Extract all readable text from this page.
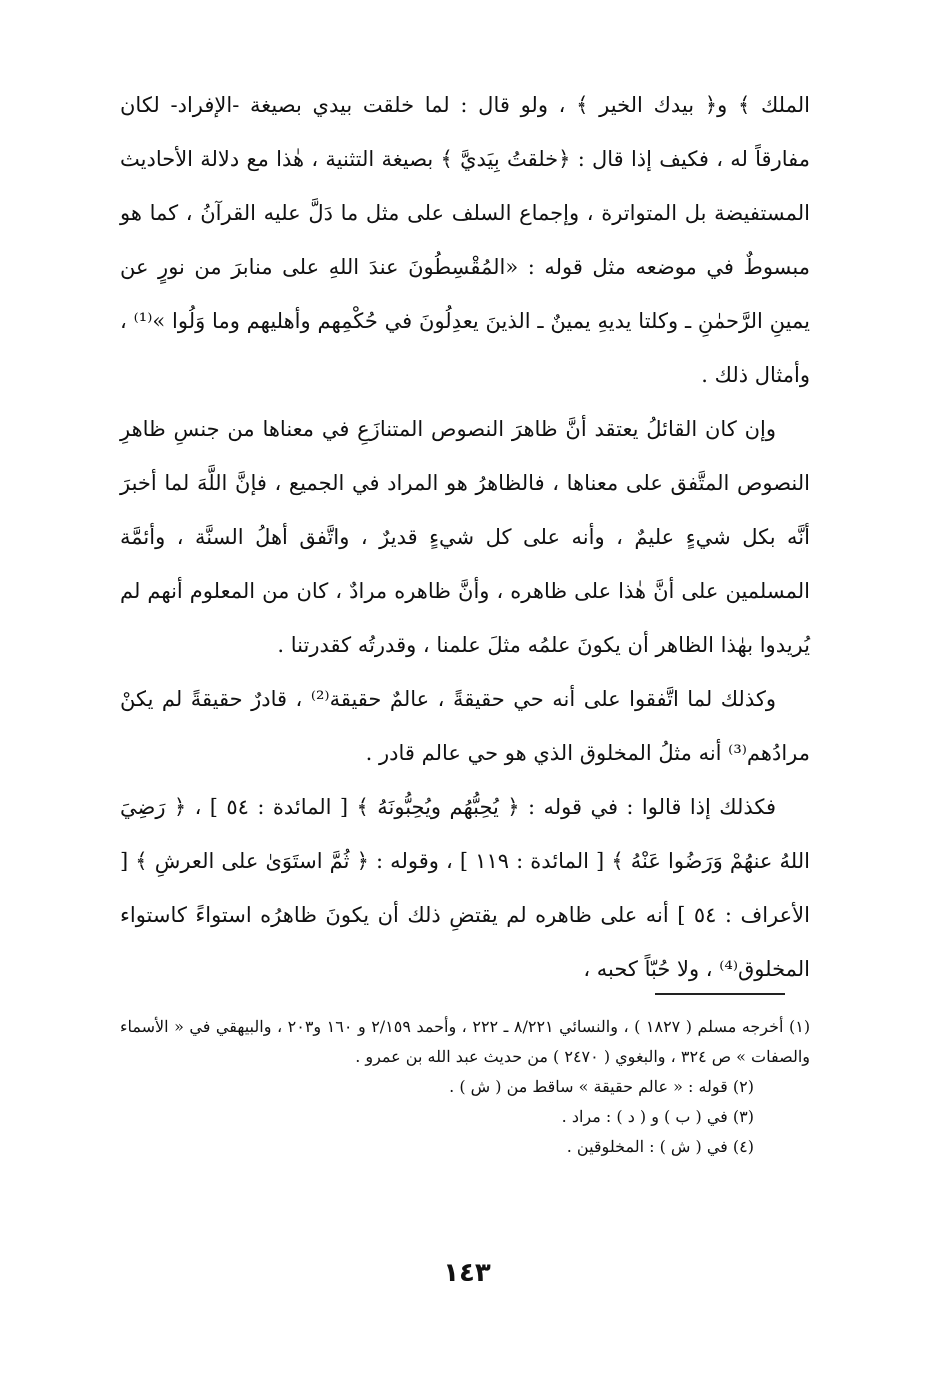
الملك ﴾ و﴿ بيدك الخير ﴾ ، ولو قال : لما خلقت بيدي بصيغة -الإفراد- لكان مفارقاً له ، فكيف إذا قال : ﴿خلقتُ بِيَديَّ ﴾ بصيغة التثنية ، هٰذا مع دلالة الأحاديث المستفيضة بل المتواترة ، وإجماع السلف على مثل ما دَلَّ عليه القرآنُ ، كما هو مبسوطٌ في موضعه مثل قوله : «المُقْسِطُونَ عندَ اللهِ على منابرَ من نورٍ عن يمينِ الرَّحمٰنِ ـ وكلتا يديهِ يمينٌ ـ الذينَ يعدِلُونَ في حُكْمِهم وأهليهم وما وَلُوا »⁽¹⁾ ، وأمثال ذلك .

وإن كان القائلُ يعتقد أنَّ ظاهرَ النصوص المتنازَعِ في معناها من جنسِ ظاهرِ النصوص المتَّفق على معناها ، فالظاهرُ هو المراد في الجميع ، فإنَّ اللَّهَ لما أخبرَ أنَّه بكل شيءٍ عليمٌ ، وأنه على كل شيءٍ قديرٌ ، واتَّفق أهلُ السنَّة ، وأئمَّة المسلمين على أنَّ هٰذا على ظاهره ، وأنَّ ظاهره مرادٌ ، كان من المعلوم أنهم لم يُريدوا بهٰذا الظاهر أن يكونَ علمُه مثلَ علمنا ، وقدرتُه كقدرتنا .

وكذلك لما اتَّفقوا على أنه حي حقيقةً ، عالمٌ حقيقة⁽²⁾ ، قادرٌ حقيقةً لم يكنْ مرادُهم⁽³⁾ أنه مثلُ المخلوق الذي هو حي عالم قادر .

فكذلك إذا قالوا : في قوله : ﴿ يُحِبُّهُم ويُحِبُّونَهُ ﴾ [ المائدة : ٥٤ ] ، ﴿ رَضِيَ اللهُ عنهُمْ وَرَضُوا عَنْهُ ﴾ [ المائدة : ١١٩ ] ، وقوله : ﴿ ثُمَّ استَوَىٰ على العرشِ ﴾ [ الأعراف : ٥٤ ] أنه على ظاهره لم يقتضِ ذلك أن يكونَ ظاهرُه استواءً كاستواء المخلوق⁽⁴⁾ ، ولا حُبّاً كحبه ،

(١) أخرجه مسلم ( ١٨٢٧ ) ، والنسائي ٨/٢٢١ ـ ٢٢٢ ، وأحمد ٢/١٥٩ و ١٦٠ و٢٠٣ ، والبيهقي في « الأسماء والصفات » ص ٣٢٤ ، والبغوي ( ٢٤٧٠ ) من حديث عبد الله بن عمرو .

(٢) قوله : « عالم حقيقة » ساقط من ( ش ) .

(٣) في ( ب ) و ( د ) : مراد .

(٤) في ( ش ) : المخلوقين .

١٤٣
